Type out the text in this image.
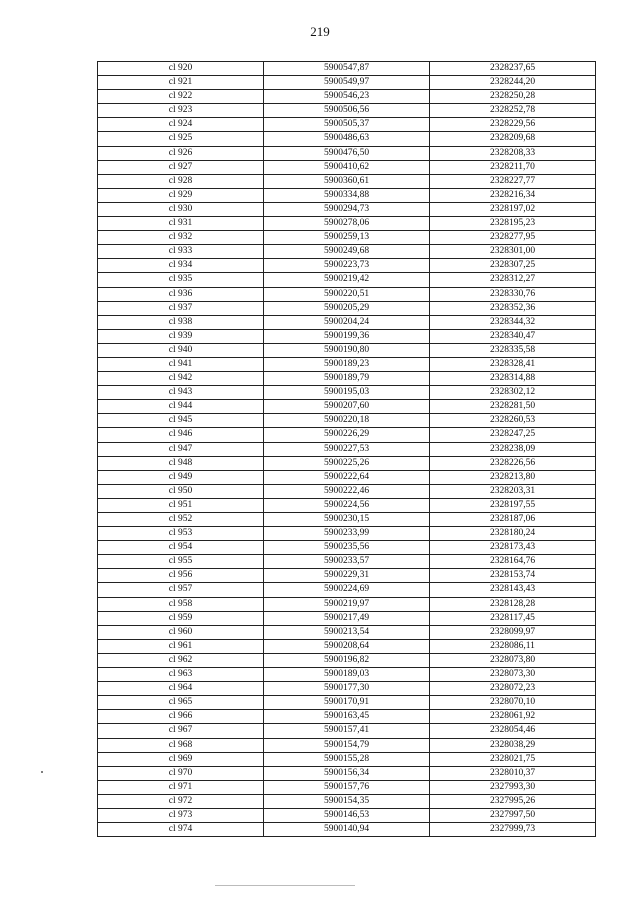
219
cl 920	5900547,87	2328237,65
cl 921	5900549,97	2328244,20
cl 922	5900546,23	2328250,28
cl 923	5900506,56	2328252,78
cl 924	5900505,37	2328229,56
cl 925	5900486,63	2328209,68
cl 926	5900476,50	2328208,33
cl 927	5900410,62	2328211,70
cl 928	5900360,61	2328227,77
cl 929	5900334,88	2328216,34
cl 930	5900294,73	2328197,02
cl 931	5900278,06	2328195,23
cl 932	5900259,13	2328277,95
cl 933	5900249,68	2328301,00
cl 934	5900223,73	2328307,25
cl 935	5900219,42	2328312,27
cl 936	5900220,51	2328330,76
cl 937	5900205,29	2328352,36
cl 938	5900204,24	2328344,32
cl 939	5900199,36	2328340,47
cl 940	5900190,80	2328335,58
cl 941	5900189,23	2328328,41
cl 942	5900189,79	2328314,88
cl 943	5900195,03	2328302,12
cl 944	5900207,60	2328281,50
cl 945	5900220,18	2328260,53
cl 946	5900226,29	2328247,25
cl 947	5900227,53	2328238,09
cl 948	5900225,26	2328226,56
cl 949	5900222,64	2328213,80
cl 950	5900222,46	2328203,31
cl 951	5900224,56	2328197,55
cl 952	5900230,15	2328187,06
cl 953	5900233,99	2328180,24
cl 954	5900235,56	2328173,43
cl 955	5900233,57	2328164,76
cl 956	5900229,31	2328153,74
cl 957	5900224,69	2328143,43
cl 958	5900219,97	2328128,28
cl 959	5900217,49	2328117,45
cl 960	5900213,54	2328099,97
cl 961	5900208,64	2328086,11
cl 962	5900196,82	2328073,80
cl 963	5900189,03	2328073,30
cl 964	5900177,30	2328072,23
cl 965	5900170,91	2328070,10
cl 966	5900163,45	2328061,92
cl 967	5900157,41	2328054,46
cl 968	5900154,79	2328038,29
cl 969	5900155,28	2328021,75
cl 970	5900156,34	2328010,37
cl 971	5900157,76	2327993,30
cl 972	5900154,35	2327995,26
cl 973	5900146,53	2327997,50
cl 974	5900140,94	2327999,73
